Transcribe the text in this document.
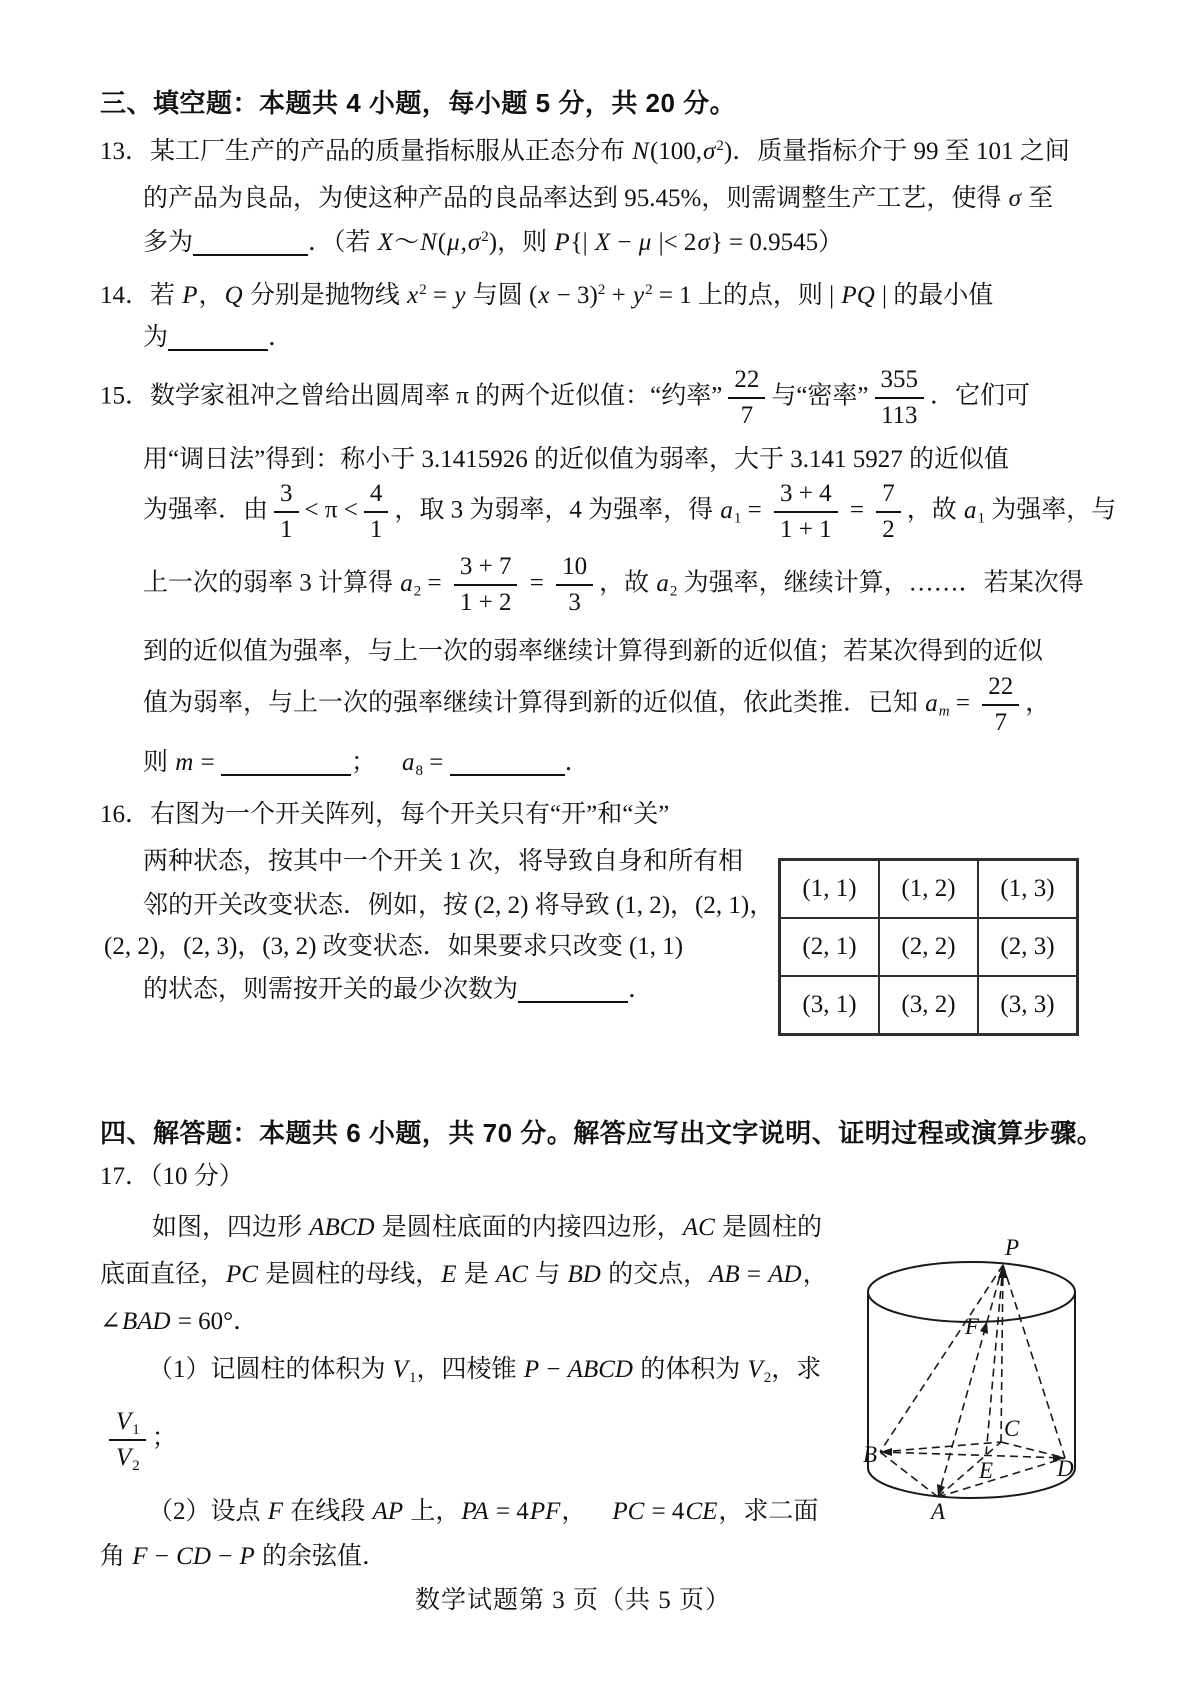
三、填空题：本题共 4 小题，每小题 5 分，共 20 分。
13．某工厂生产的产品的质量指标服从正态分布 $N(100,\sigma^2)$．质量指标介于 99 至 101 之间
的产品为良品，为使这种产品的良品率达到 95.45%，则需调整生产工艺，使得 σ 至
多为	．（若 $X\sim N(\mu,\sigma^2)$，则 P{| X − μ |< 2σ} = 0.9545）
14．若 P，Q 分别是抛物线 $x^2 = y$ 与圆 $(x - 3)^2 + y^2 = 1$ 上的点，则 | PQ | 的最小值
为	．
15．数学家祖冲之曾给出圆周率 π 的两个近似值：“约率” $\frac{22}{7}$ 与“密率” $\frac{355}{113}$ ．它们可
用“调日法”得到：称小于 3.1415926 的近似值为弱率，大于 3.141 5927 的近似值
为强率．由 $\frac{3}{1} < \pi < \frac{4}{1}$ ，取 3 为弱率，4 为强率，得 $a_1 = \frac{3 + 4}{1 + 1} = \frac{7}{2}$ ，故 $a_1$ 为强率，与
上一次的弱率 3 计算得 $a_2 = \frac{3 + 7}{1 + 2} = \frac{10}{3}$ ，故 $a_2$ 为强率，继续计算，……．若某次得
到的近似值为强率，与上一次的弱率继续计算得到新的近似值；若某次得到的近似
值为弱率，与上一次的强率继续计算得到新的近似值，依此类推．已知 $a_m = \frac{22}{7}$ ，
则 m =	； $a_8$ =	．
16．右图为一个开关阵列，每个开关只有“开”和“关”
两种状态，按其中一个开关 1 次，将导致自身和所有相
邻的开关改变状态．例如，按 (2, 2) 将导致 (1, 2)，(2, 1)，
(2, 2)，(2, 3)，(3, 2) 改变状态．如果要求只改变 (1, 1)
的状态，则需按开关的最少次数为	．
(1, 1)	(1, 2)	(1, 3)
(2, 1)	(2, 2)	(2, 3)
(3, 1)	(3, 2)	(3, 3)
四、解答题：本题共 6 小题，共 70 分。解答应写出文字说明、证明过程或演算步骤。
17．（10 分）
如图，四边形 ABCD 是圆柱底面的内接四边形，AC 是圆柱的
底面直径，PC 是圆柱的母线，E 是 AC 与 BD 的交点，AB = AD，
∠BAD = 60°．
（1）记圆柱的体积为 $V_1$，四棱锥 P − ABCD 的体积为 $V_2$，求
$\frac{V_1}{V_2}$ ；
（2）设点 F 在线段 AP 上，PA = 4PF， PC = 4CE，求二面
角 F − CD − P 的余弦值．
P
F
B
C
E	D
A
数学试题第 3 页（共 5 页）
